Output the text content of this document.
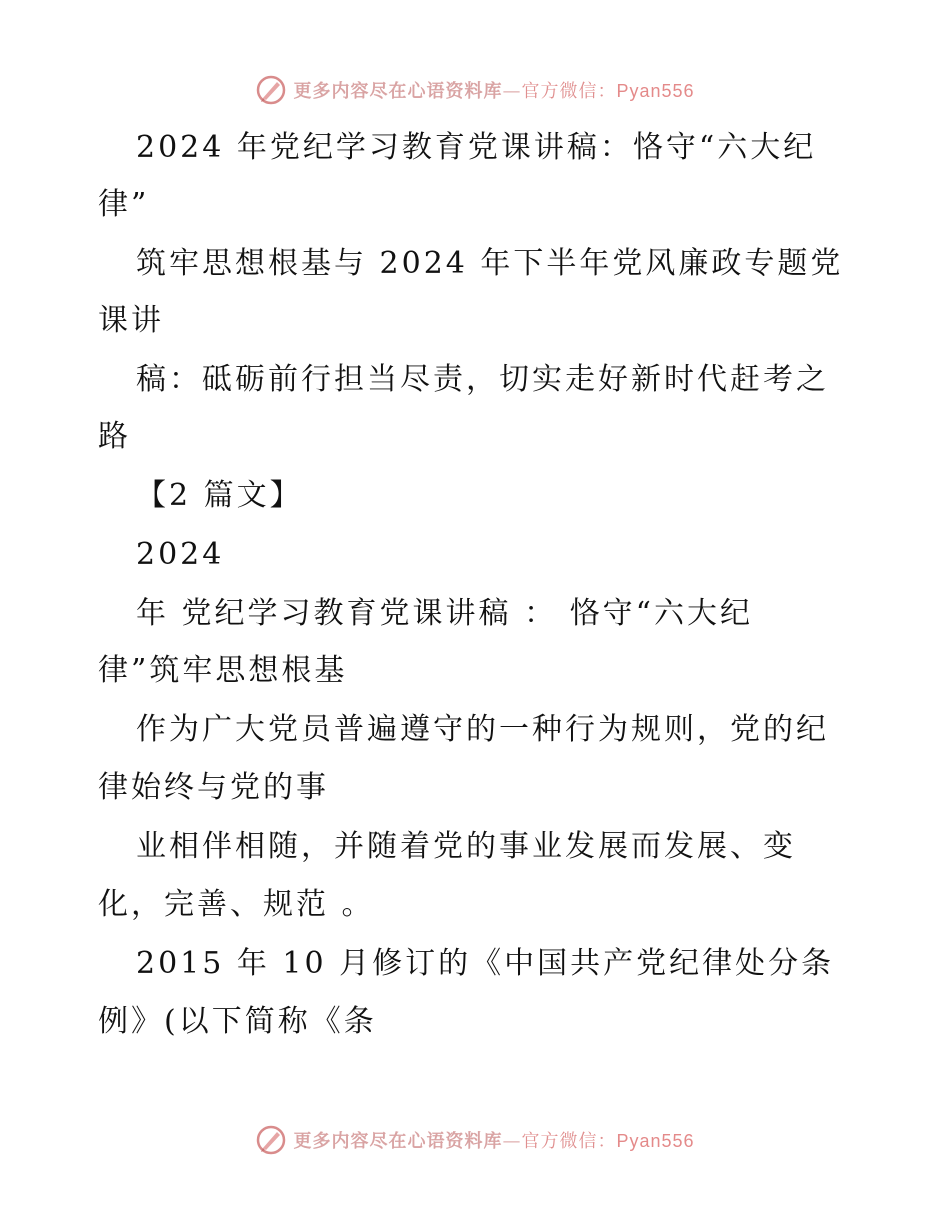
更多内容尽在心语资料库—官方微信：Pyan556
2024 年党纪学习教育党课讲稿：恪守“六大纪
律”
筑牢思想根基与 2024 年下半年党风廉政专题党
课讲
稿：砥砺前行担当尽责，切实走好新时代赶考之
路
【2 篇文】
2024
年 党纪学习教育党课讲稿 ： 恪守“六大纪
律”筑牢思想根基
作为广大党员普遍遵守的一种行为规则，党的纪
律始终与党的事
业相伴相随，并随着党的事业发展而发展、变
化，完善、规范 。
2015 年 10 月修订的《中国共产党纪律处分条
例》(以下简称《条
更多内容尽在心语资料库—官方微信：Pyan556
